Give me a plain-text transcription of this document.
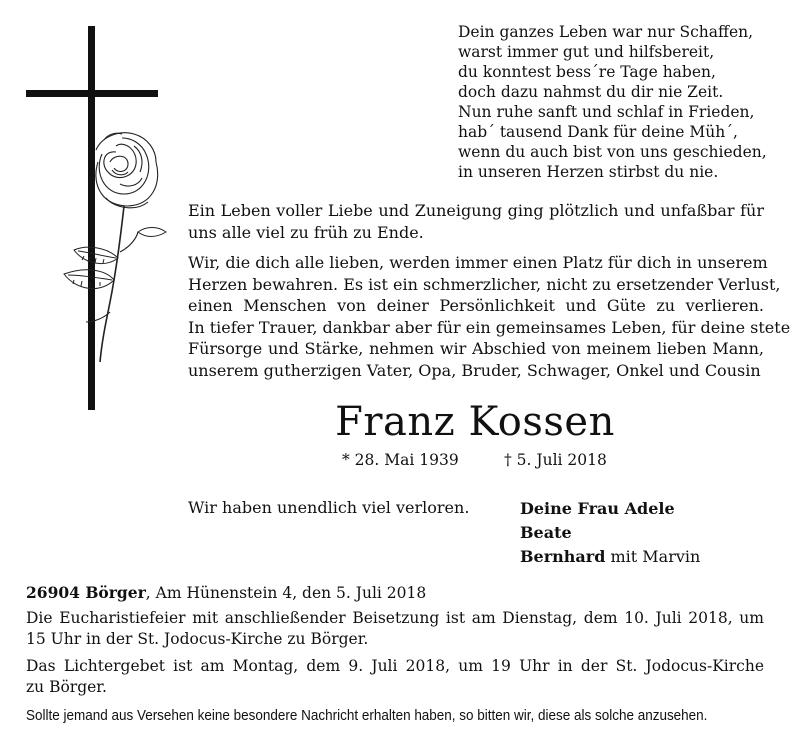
Dein ganzes Leben war nur Schaffen,
warst immer gut und hilfsbereit,
du konntest bess´re Tage haben,
doch dazu nahmst du dir nie Zeit.
Nun ruhe sanft und schlaf in Frieden,
hab´ tausend Dank für deine Müh´,
wenn du auch bist von uns geschieden,
in unseren Herzen stirbst du nie.
Ein Leben voller Liebe und Zuneigung ging plötzlich und unfaßbar für
uns alle viel zu früh zu Ende.
Wir, die dich alle lieben, werden immer einen Platz für dich in unserem
Herzen bewahren. Es ist ein schmerzlicher, nicht zu ersetzender Verlust,
einen Menschen von deiner Persönlichkeit und Güte zu verlieren.
In tiefer Trauer, dankbar aber für ein gemeinsames Leben, für deine stete
Fürsorge und Stärke, nehmen wir Abschied von meinem lieben Mann,
unserem gutherzigen Vater, Opa, Bruder, Schwager, Onkel und Cousin
Franz Kossen
* 28. Mai 1939	† 5. Juli 2018
Wir haben unendlich viel verloren.	Deine Frau Adele
Beate
Bernhard mit Marvin
26904 Börger, Am Hünenstein 4, den 5. Juli 2018
Die Eucharistiefeier mit anschließender Beisetzung ist am Dienstag, dem 10. Juli 2018, um
15 Uhr in der St. Jodocus-Kirche zu Börger.
Das Lichtergebet ist am Montag, dem 9. Juli 2018, um 19 Uhr in der St. Jodocus-Kirche
zu Börger.
Sollte jemand aus Versehen keine besondere Nachricht erhalten haben, so bitten wir, diese als solche anzusehen.
